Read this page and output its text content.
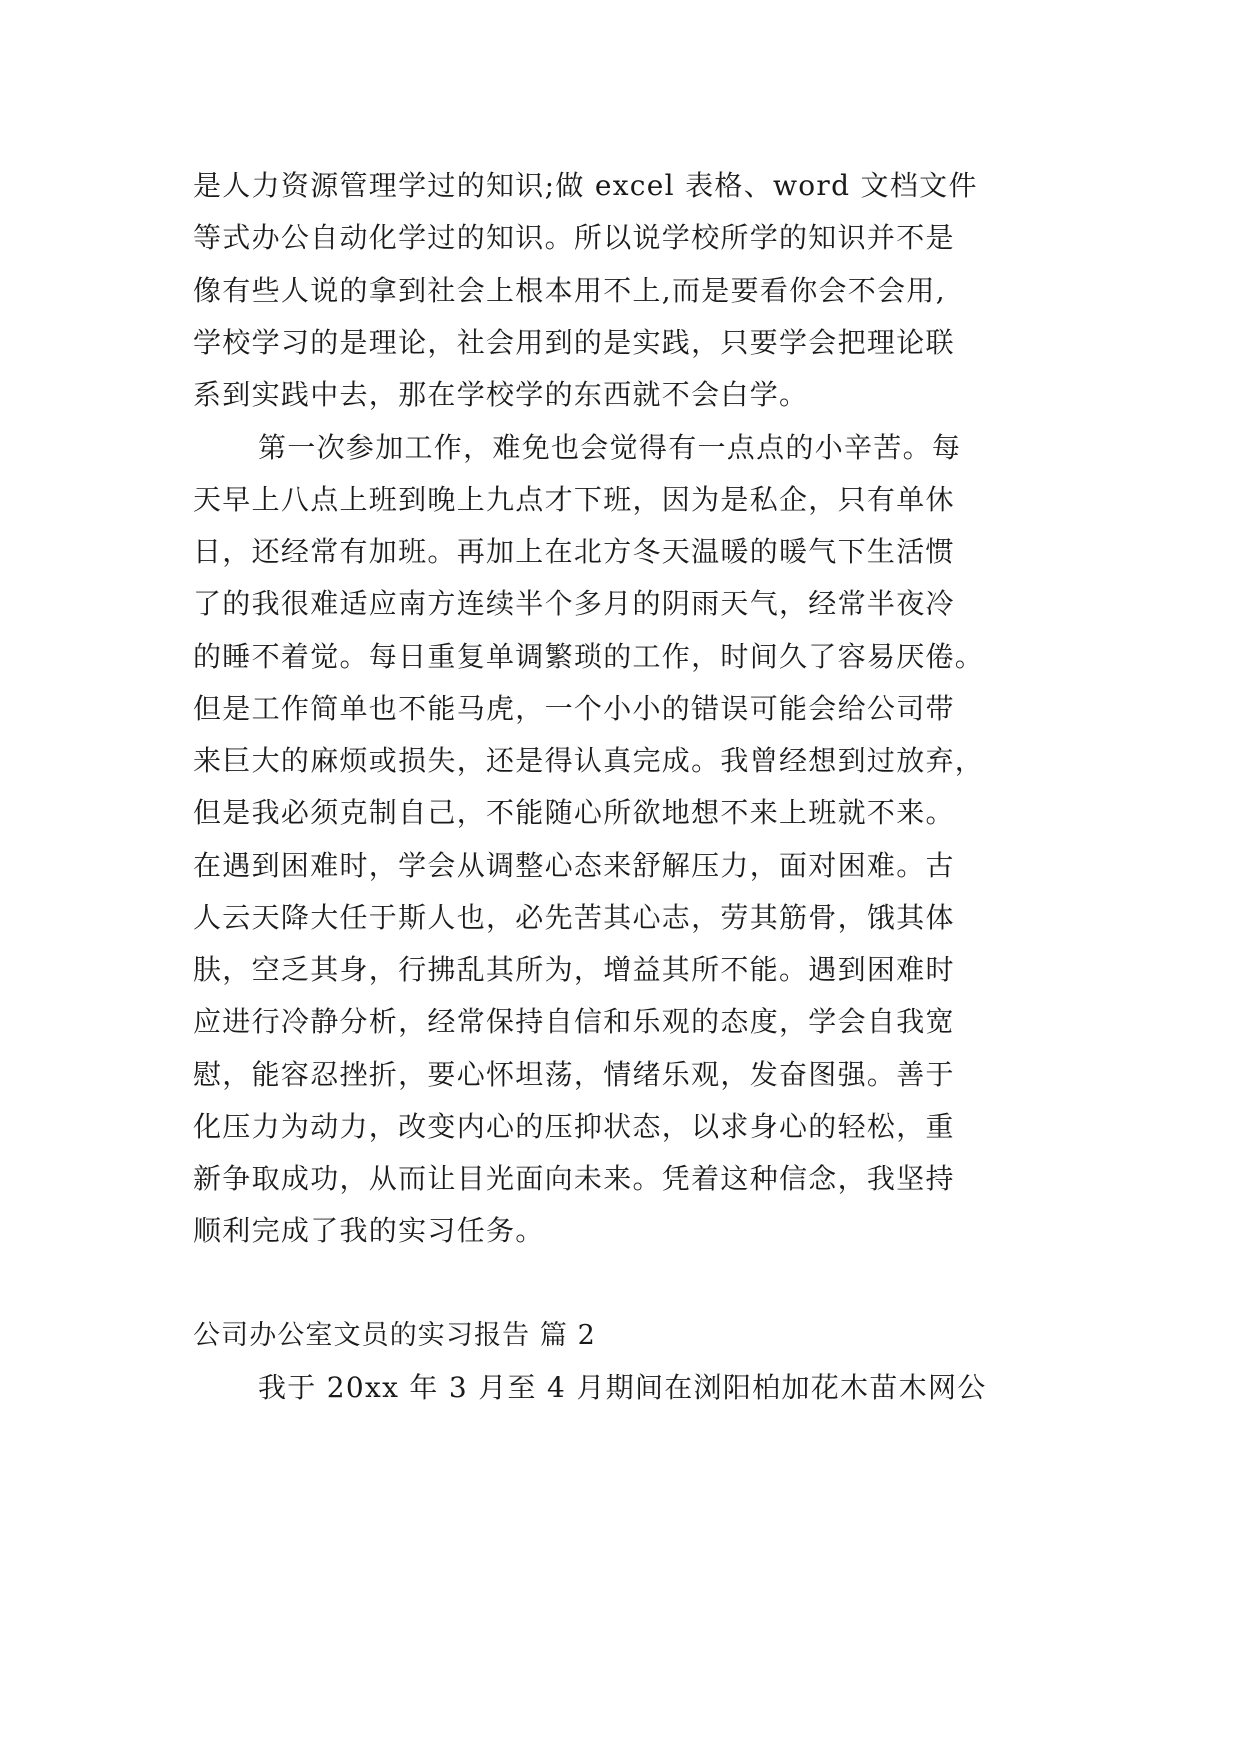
是人力资源管理学过的知识;做 excel 表格、word 文档文件
等式办公自动化学过的知识。所以说学校所学的知识并不是
像有些人说的拿到社会上根本用不上,而是要看你会不会用,
学校学习的是理论，社会用到的是实践，只要学会把理论联
系到实践中去，那在学校学的东西就不会白学。
第一次参加工作，难免也会觉得有一点点的小辛苦。每
天早上八点上班到晚上九点才下班，因为是私企，只有单休
日，还经常有加班。再加上在北方冬天温暖的暖气下生活惯
了的我很难适应南方连续半个多月的阴雨天气，经常半夜冷
的睡不着觉。每日重复单调繁琐的工作，时间久了容易厌倦。
但是工作简单也不能马虎，一个小小的错误可能会给公司带
来巨大的麻烦或损失，还是得认真完成。我曾经想到过放弃，
但是我必须克制自己，不能随心所欲地想不来上班就不来。
在遇到困难时，学会从调整心态来舒解压力，面对困难。古
人云天降大任于斯人也，必先苦其心志，劳其筋骨，饿其体
肤，空乏其身，行拂乱其所为，增益其所不能。遇到困难时
应进行冷静分析，经常保持自信和乐观的态度，学会自我宽
慰，能容忍挫折，要心怀坦荡，情绪乐观，发奋图强。善于
化压力为动力，改变内心的压抑状态，以求身心的轻松，重
新争取成功，从而让目光面向未来。凭着这种信念，我坚持
顺利完成了我的实习任务。
公司办公室文员的实习报告 篇 2
我于 20xx 年 3 月至 4 月期间在浏阳柏加花木苗木网公
